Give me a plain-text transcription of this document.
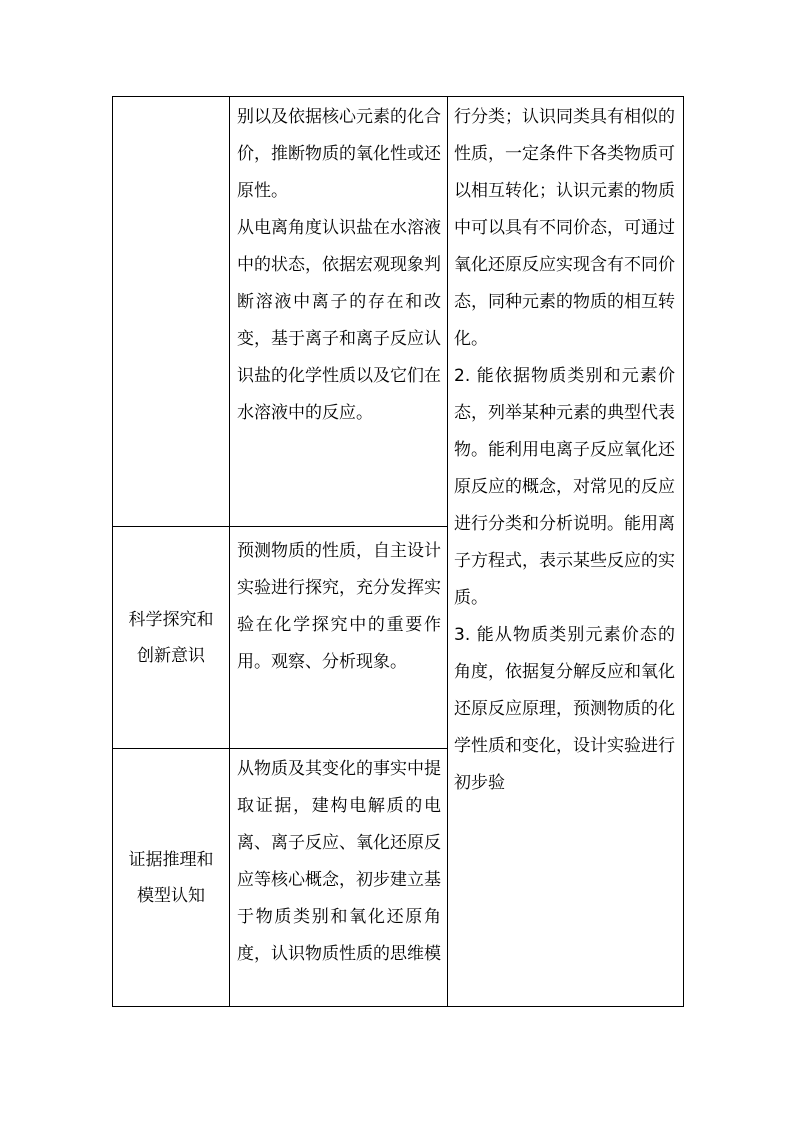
	别以及依据核心元素的化合价，推断物质的氧化性或还原性。
从电离角度认识盐在水溶液中的状态，依据宏观现象判断溶液中离子的存在和改变，基于离子和离子反应认识盐的化学性质以及它们在水溶液中的反应。	行分类；认识同类具有相似的性质，一定条件下各类物质可以相互转化；认识元素的物质中可以具有不同价态，可通过氧化还原反应实现含有不同价态，同种元素的物质的相互转化。
2. 能依据物质类别和元素价态，列举某种元素的典型代表物。能利用电离子反应氧化还原反应的概念，对常见的反应进行分类和分析说明。能用离子方程式，表示某些反应的实质。
3. 能从物质类别元素价态的角度，依据复分解反应和氧化还原反应原理，预测物质的化学性质和变化，设计实验进行初步验

科学探究和
创新意识	预测物质的性质，自主设计实验进行探究，充分发挥实验在化学探究中的重要作用。观察、分析现象。	

证据推理和
模型认知	从物质及其变化的事实中提取证据，建构电解质的电离、离子反应、氧化还原反应等核心概念，初步建立基于物质类别和氧化还原角度，认识物质性质的思维模	
